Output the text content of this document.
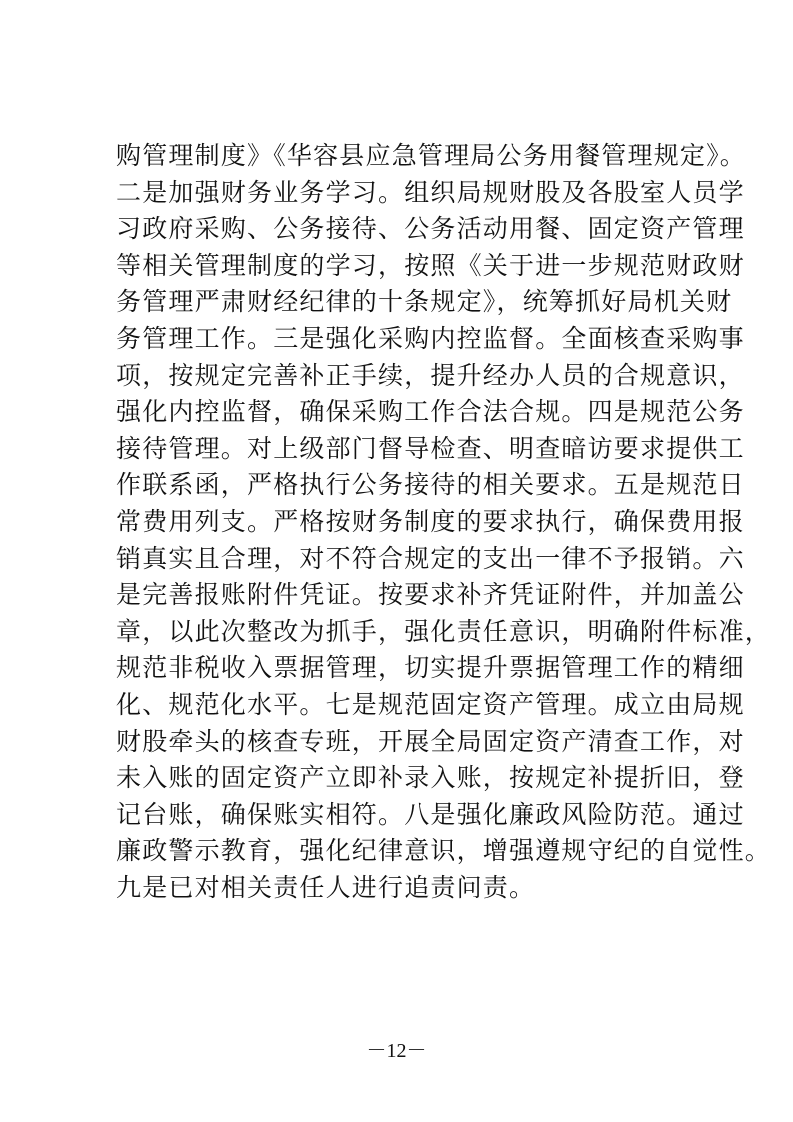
购管理制度》《华容县应急管理局公务用餐管理规定》。
二是加强财务业务学习。组织局规财股及各股室人员学
习政府采购、公务接待、公务活动用餐、固定资产管理
等相关管理制度的学习，按照《关于进一步规范财政财
务管理严肃财经纪律的十条规定》，统筹抓好局机关财
务管理工作。三是强化采购内控监督。全面核查采购事
项，按规定完善补正手续，提升经办人员的合规意识，
强化内控监督，确保采购工作合法合规。四是规范公务
接待管理。对上级部门督导检查、明查暗访要求提供工
作联系函，严格执行公务接待的相关要求。五是规范日
常费用列支。严格按财务制度的要求执行，确保费用报
销真实且合理，对不符合规定的支出一律不予报销。六
是完善报账附件凭证。按要求补齐凭证附件，并加盖公
章，以此次整改为抓手，强化责任意识，明确附件标准，
规范非税收入票据管理，切实提升票据管理工作的精细
化、规范化水平。七是规范固定资产管理。成立由局规
财股牵头的核查专班，开展全局固定资产清查工作，对
未入账的固定资产立即补录入账，按规定补提折旧，登
记台账，确保账实相符。八是强化廉政风险防范。通过
廉政警示教育，强化纪律意识，增强遵规守纪的自觉性。
九是已对相关责任人进行追责问责。
－12－
